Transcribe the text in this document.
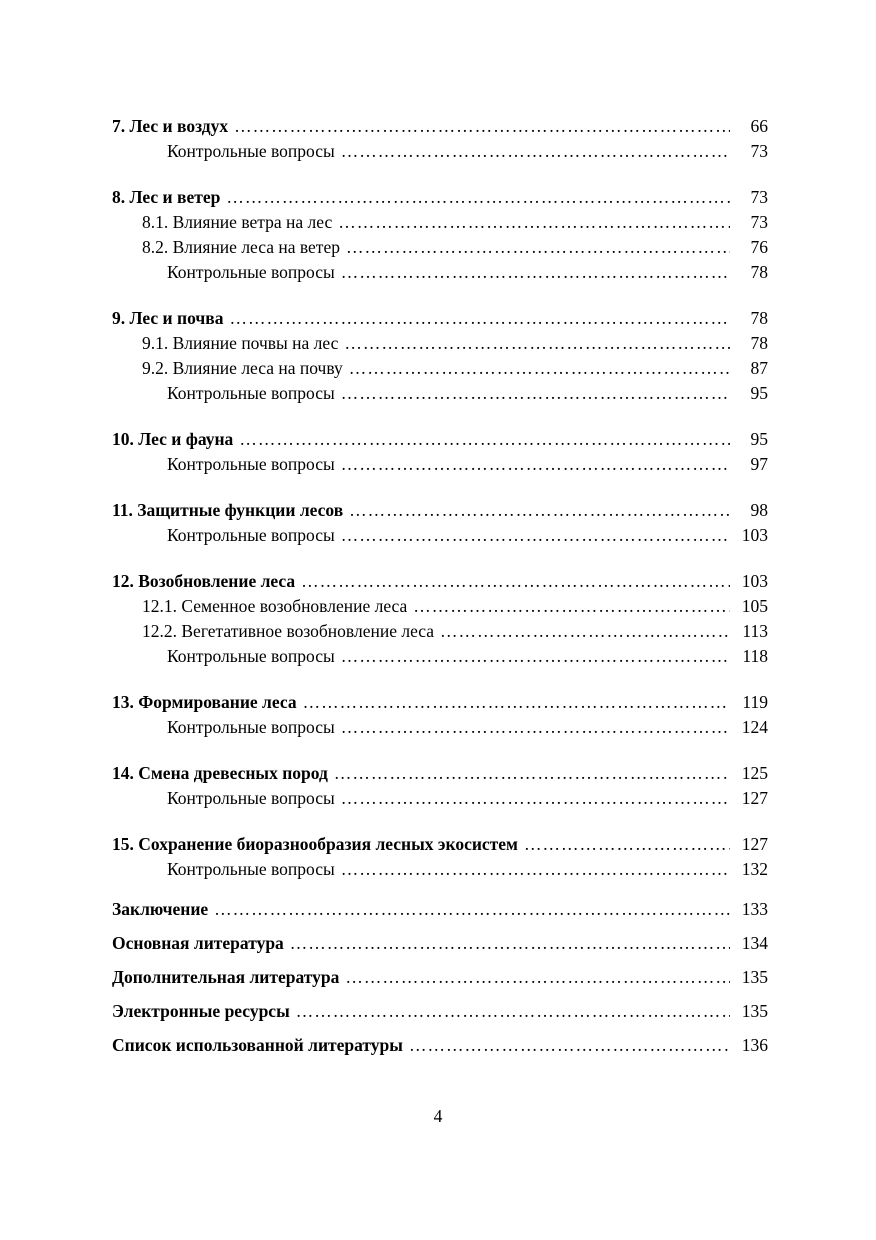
7. Лес и воздух ……………………………………………………………………………………………………………………………………………………	66
Контрольные вопросы ……………………………………………………………………………………………………………………………………………………	73
8. Лес и ветер ……………………………………………………………………………………………………………………………………………………	73
8.1. Влияние ветра на лес ……………………………………………………………………………………………………………………………………………………	73
8.2. Влияние леса на ветер ……………………………………………………………………………………………………………………………………………………	76
Контрольные вопросы ……………………………………………………………………………………………………………………………………………………	78
9. Лес и почва ……………………………………………………………………………………………………………………………………………………	78
9.1. Влияние почвы на лес ……………………………………………………………………………………………………………………………………………………	78
9.2. Влияние леса на почву ……………………………………………………………………………………………………………………………………………………	87
Контрольные вопросы ……………………………………………………………………………………………………………………………………………………	95
10. Лес и фауна ……………………………………………………………………………………………………………………………………………………	95
Контрольные вопросы ……………………………………………………………………………………………………………………………………………………	97
11. Защитные функции лесов ……………………………………………………………………………………………………………………………………………………	98
Контрольные вопросы ……………………………………………………………………………………………………………………………………………………	103
12. Возобновление леса ……………………………………………………………………………………………………………………………………………………	103
12.1. Семенное возобновление леса ……………………………………………………………………………………………………………………………………………………	105
12.2. Вегетативное возобновление леса ……………………………………………………………………………………………………………………………………………………	113
Контрольные вопросы ……………………………………………………………………………………………………………………………………………………	118
13. Формирование леса ……………………………………………………………………………………………………………………………………………………	119
Контрольные вопросы ……………………………………………………………………………………………………………………………………………………	124
14. Смена древесных пород ……………………………………………………………………………………………………………………………………………………	125
Контрольные вопросы ……………………………………………………………………………………………………………………………………………………	127
15. Сохранение биоразнообразия лесных экосистем ……………………………………………………………………………………………………………………………………………………	127
Контрольные вопросы ……………………………………………………………………………………………………………………………………………………	132
Заключение ……………………………………………………………………………………………………………………………………………………	133
Основная литература ……………………………………………………………………………………………………………………………………………………	134
Дополнительная литература ……………………………………………………………………………………………………………………………………………………	135
Электронные ресурсы ……………………………………………………………………………………………………………………………………………………	135
Список использованной литературы ……………………………………………………………………………………………………………………………………………………	136
4
